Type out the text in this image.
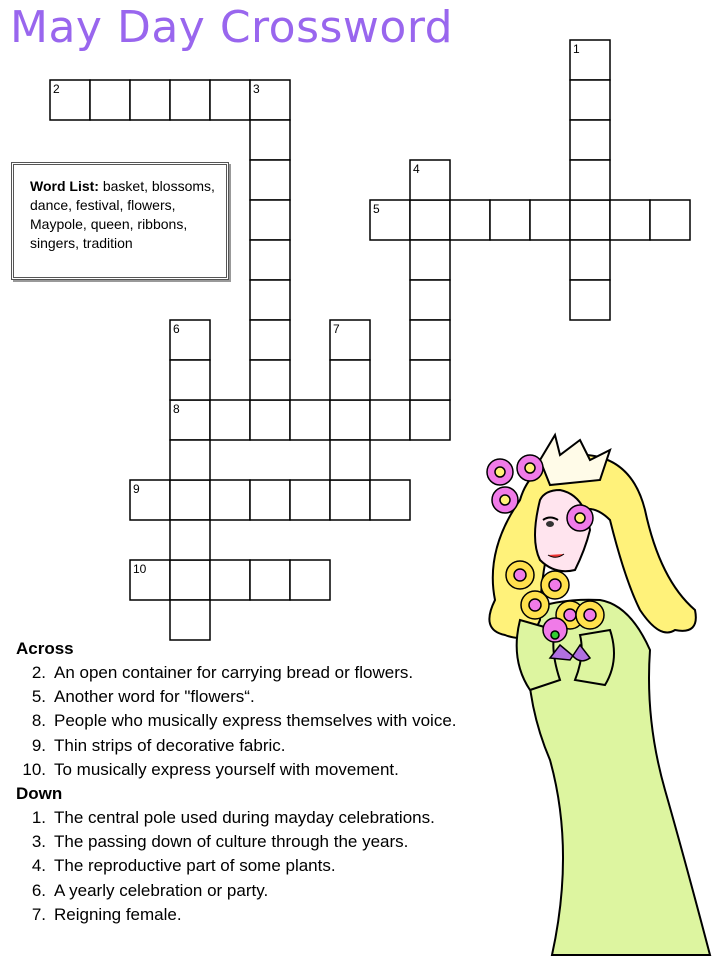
May Day Crossword	1
2	3
4
5
6	7
8
9
10
Word List: basket, blossoms, dance, festival, flowers, Maypole, queen, ribbons, singers, tradition
Across
2. An open container for carrying bread or flowers.
5. Another word for "flowers“.
8. People who musically express themselves with voice.
9. Thin strips of decorative fabric.
10. To musically express yourself with movement.
Down
1. The central pole used during mayday celebrations.
3. The passing down of culture through the years.
4. The reproductive part of some plants.
6. A yearly celebration or party.
7. Reigning female.
